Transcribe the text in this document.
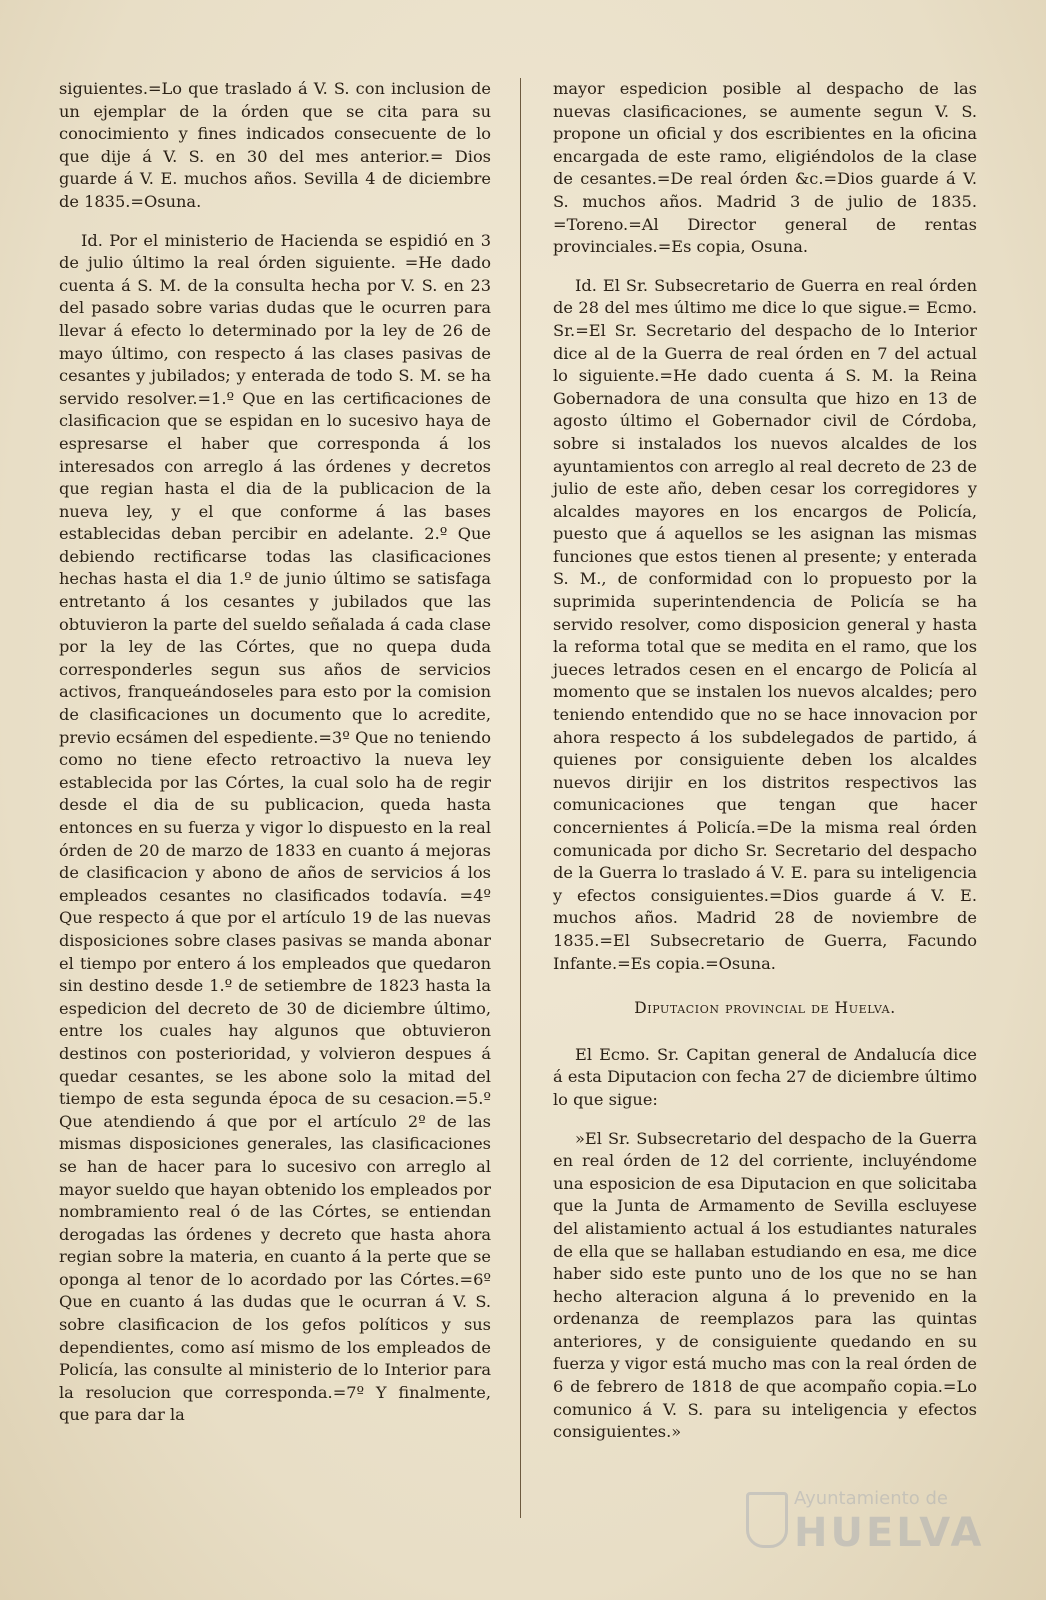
siguientes.=Lo que traslado á V. S. con inclusion de un ejemplar de la órden que se cita para su conocimiento y fines indicados consecuente de lo que dije á V. S. en 30 del mes anterior.= Dios guarde á V. E. muchos años. Sevilla 4 de diciembre de 1835.=Osuna.

Id. Por el ministerio de Hacienda se espidió en 3 de julio último la real órden siguiente. =He dado cuenta á S. M. de la consulta hecha por V. S. en 23 del pasado sobre varias dudas que le ocurren para llevar á efecto lo determinado por la ley de 26 de mayo último, con respecto á las clases pasivas de cesantes y jubilados; y enterada de todo S. M. se ha servido resolver.=1.º Que en las certificaciones de clasificacion que se espidan en lo sucesivo haya de espresarse el haber que corresponda á los interesados con arreglo á las órdenes y decretos que regian hasta el dia de la publicacion de la nueva ley, y el que conforme á las bases establecidas deban percibir en adelante. 2.º Que debiendo rectificarse todas las clasificaciones hechas hasta el dia 1.º de junio último se satisfaga entretanto á los cesantes y jubilados que las obtuvieron la parte del sueldo señalada á cada clase por la ley de las Córtes, que no quepa duda corresponderles segun sus años de servicios activos, franqueándoseles para esto por la comision de clasificaciones un documento que lo acredite, previo ecsámen del espediente.=3º Que no teniendo como no tiene efecto retroactivo la nueva ley establecida por las Córtes, la cual solo ha de regir desde el dia de su publicacion, queda hasta entonces en su fuerza y vigor lo dispuesto en la real órden de 20 de marzo de 1833 en cuanto á mejoras de clasificacion y abono de años de servicios á los empleados cesantes no clasificados todavía. =4º Que respecto á que por el artículo 19 de las nuevas disposiciones sobre clases pasivas se manda abonar el tiempo por entero á los empleados que quedaron sin destino desde 1.º de setiembre de 1823 hasta la espedicion del decreto de 30 de diciembre último, entre los cuales hay algunos que obtuvieron destinos con posterioridad, y volvieron despues á quedar cesantes, se les abone solo la mitad del tiempo de esta segunda época de su cesacion.=5.º Que atendiendo á que por el artículo 2º de las mismas disposiciones generales, las clasificaciones se han de hacer para lo sucesivo con arreglo al mayor sueldo que hayan obtenido los empleados por nombramiento real ó de las Córtes, se entiendan derogadas las órdenes y decreto que hasta ahora regian sobre la materia, en cuanto á la perte que se oponga al tenor de lo acordado por las Córtes.=6º Que en cuanto á las dudas que le ocurran á V. S. sobre clasificacion de los gefos políticos y sus dependientes, como así mismo de los empleados de Policía, las consulte al ministerio de lo Interior para la resolucion que corresponda.=7º Y finalmente, que para dar la

mayor espedicion posible al despacho de las nuevas clasificaciones, se aumente segun V. S. propone un oficial y dos escribientes en la oficina encargada de este ramo, eligiéndolos de la clase de cesantes.=De real órden &c.=Dios guarde á V. S. muchos años. Madrid 3 de julio de 1835. =Toreno.=Al Director general de rentas provinciales.=Es copia, Osuna.

Id. El Sr. Subsecretario de Guerra en real órden de 28 del mes último me dice lo que sigue.= Ecmo. Sr.=El Sr. Secretario del despacho de lo Interior dice al de la Guerra de real órden en 7 del actual lo siguiente.=He dado cuenta á S. M. la Reina Gobernadora de una consulta que hizo en 13 de agosto último el Gobernador civil de Córdoba, sobre si instalados los nuevos alcaldes de los ayuntamientos con arreglo al real decreto de 23 de julio de este año, deben cesar los corregidores y alcaldes mayores en los encargos de Policía, puesto que á aquellos se les asignan las mismas funciones que estos tienen al presente; y enterada S. M., de conformidad con lo propuesto por la suprimida superintendencia de Policía se ha servido resolver, como disposicion general y hasta la reforma total que se medita en el ramo, que los jueces letrados cesen en el encargo de Policía al momento que se instalen los nuevos alcaldes; pero teniendo entendido que no se hace innovacion por ahora respecto á los subdelegados de partido, á quienes por consiguiente deben los alcaldes nuevos dirijir en los distritos respectivos las comunicaciones que tengan que hacer concernientes á Policía.=De la misma real órden comunicada por dicho Sr. Secretario del despacho de la Guerra lo traslado á V. E. para su inteligencia y efectos consiguientes.=Dios guarde á V. E. muchos años. Madrid 28 de noviembre de 1835.=El Subsecretario de Guerra, Facundo Infante.=Es copia.=Osuna.

Diputacion provincial de Huelva.

El Ecmo. Sr. Capitan general de Andalucía dice á esta Diputacion con fecha 27 de diciembre último lo que sigue:

»El Sr. Subsecretario del despacho de la Guerra en real órden de 12 del corriente, incluyéndome una esposicion de esa Diputacion en que solicitaba que la Junta de Armamento de Sevilla escluyese del alistamiento actual á los estudiantes naturales de ella que se hallaban estudiando en esa, me dice haber sido este punto uno de los que no se han hecho alteracion alguna á lo prevenido en la ordenanza de reemplazos para las quintas anteriores, y de consiguiente quedando en su fuerza y vigor está mucho mas con la real órden de 6 de febrero de 1818 de que acompaño copia.=Lo comunico á V. S. para su inteligencia y efectos consiguientes.»

Ayuntamiento de
HUELVA
